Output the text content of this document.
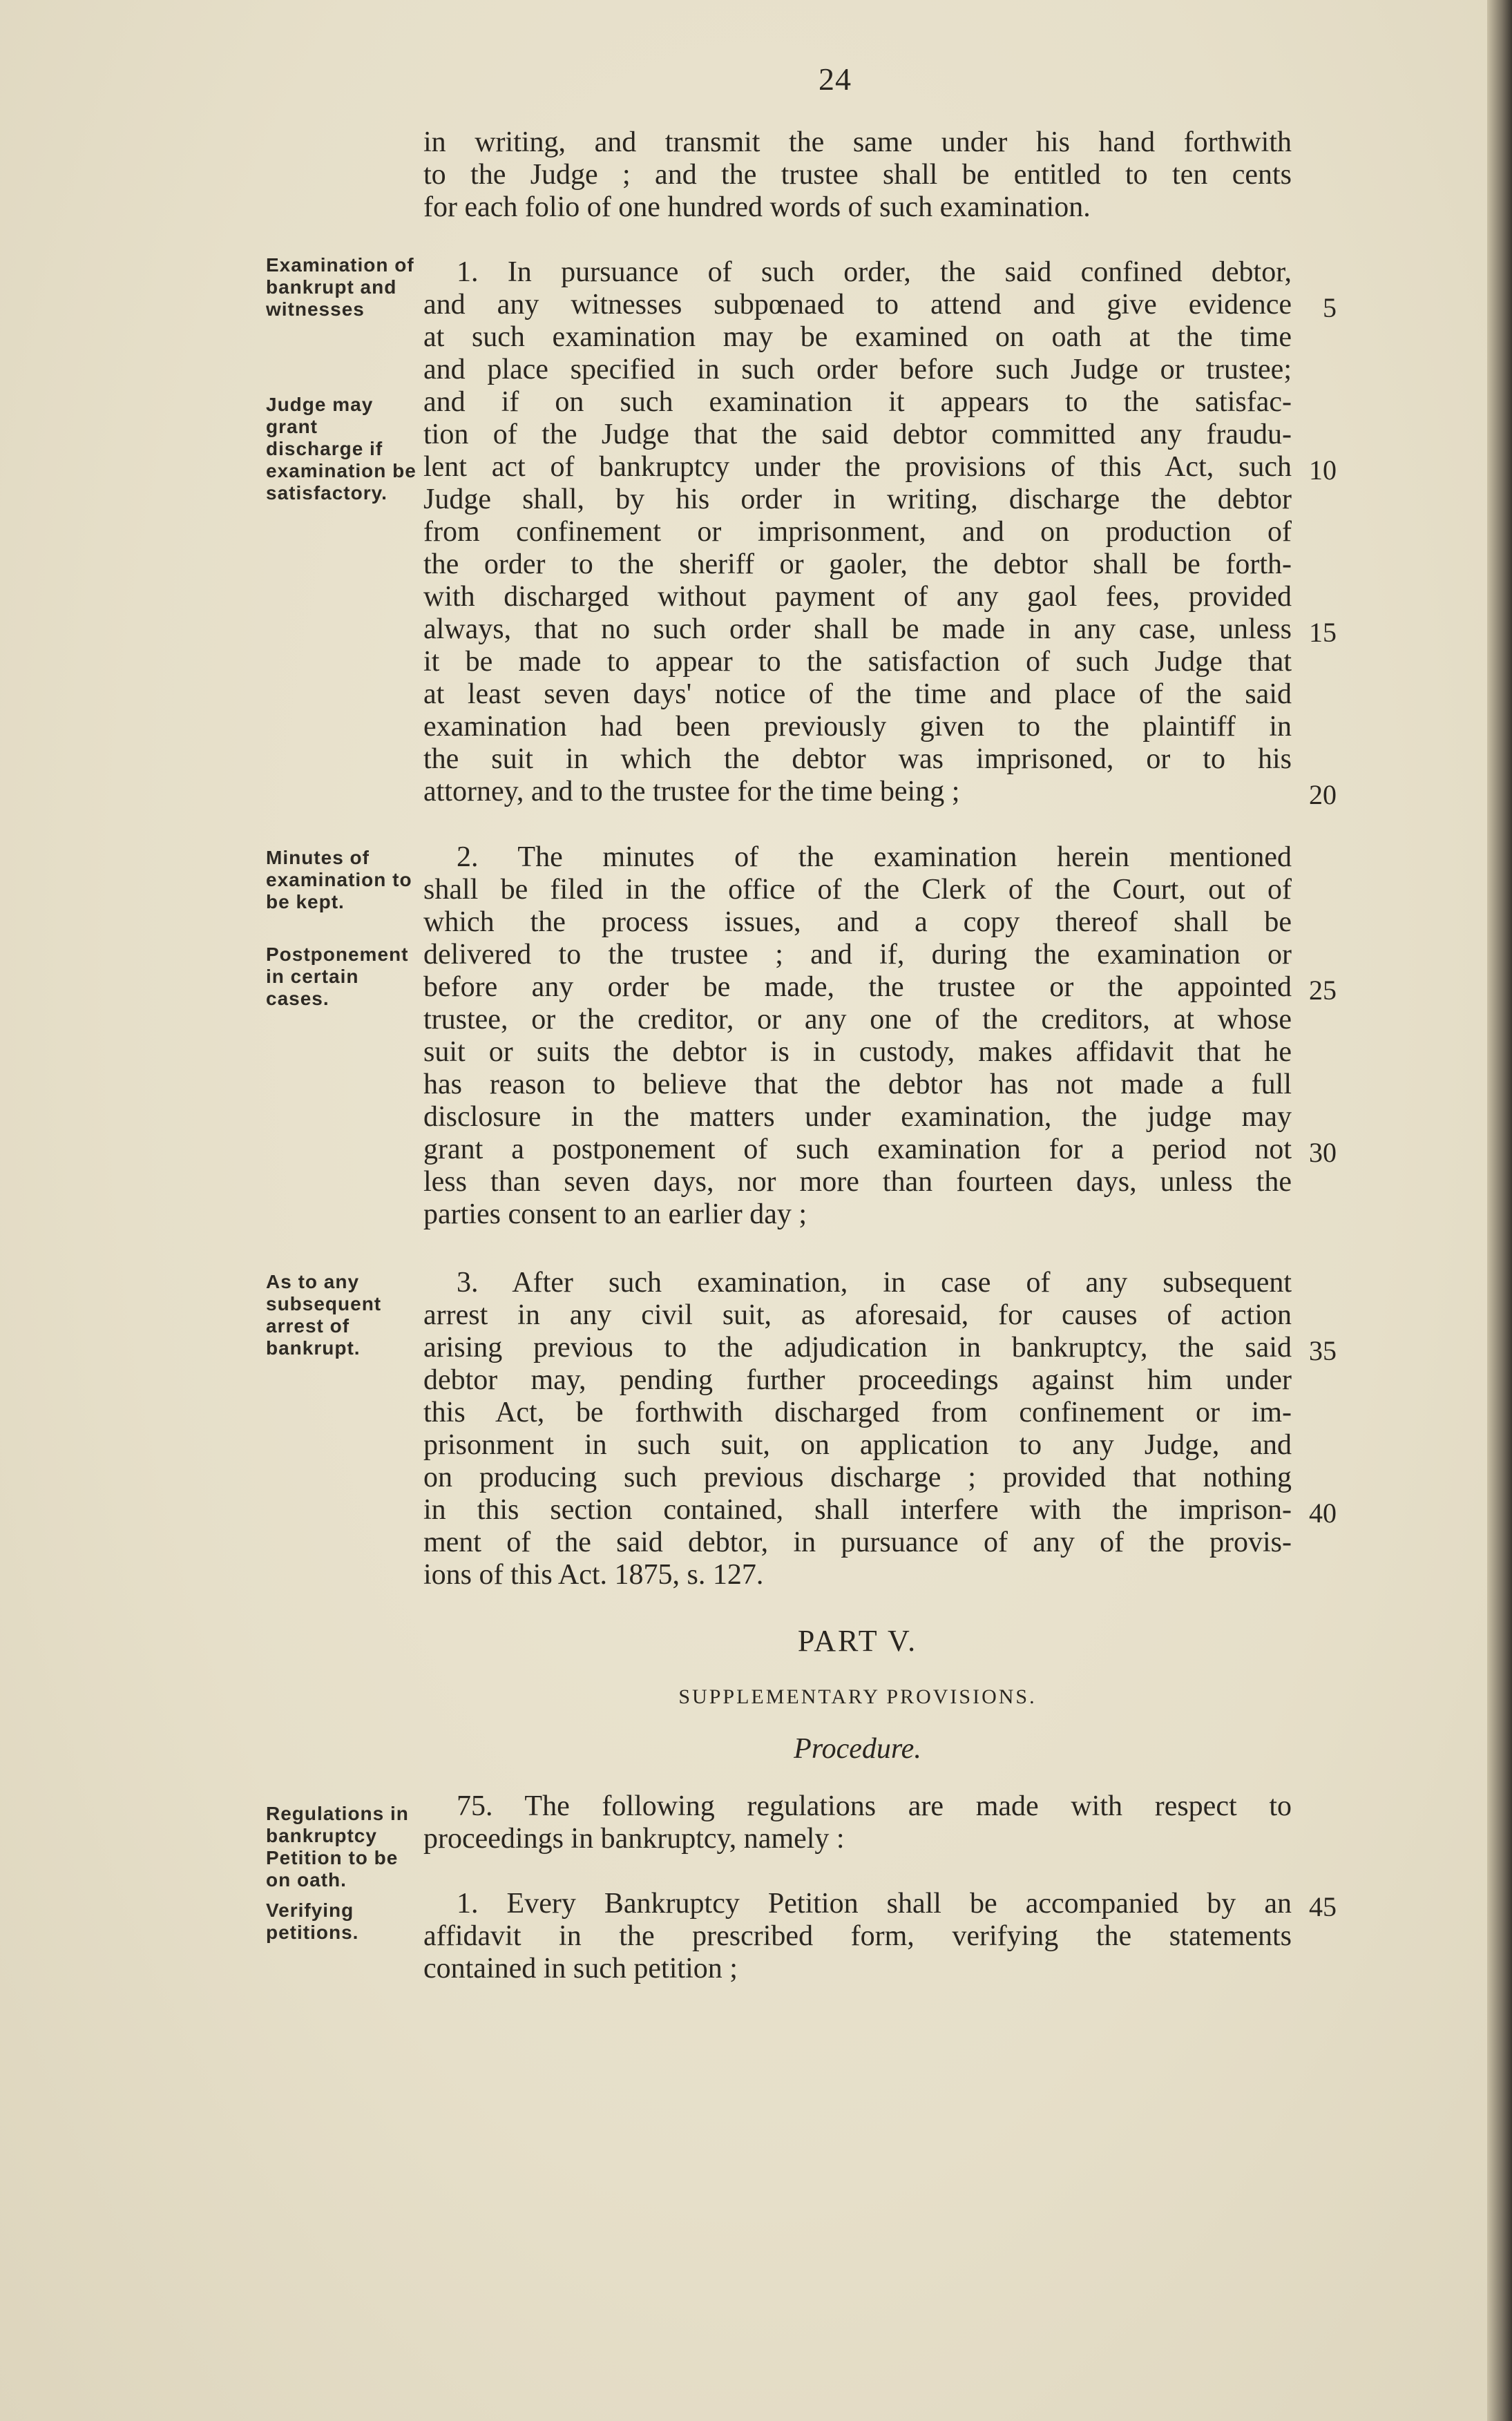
24
Examination of bankrupt and witnesses
Judge may grant discharge if examination be satisfactory.
Minutes of examination to be kept.
Postponement in certain cases.
As to any subsequent arrest of bankrupt.
Regulations in bankruptcy Petition to be on oath.
Verifying petitions.
in writing, and transmit the same under his hand forthwith
to the Judge ; and the trustee shall be entitled to ten cents
for each folio of one hundred words of such examination.
1. In pursuance of such order, the said confined debtor,
and any witnesses subpœnaed to attend and give evidence
at such examination may be examined on oath at the time
and place specified in such order before such Judge or trustee;
and if on such examination it appears to the satisfac-
tion of the Judge that the said debtor committed any fraudu-
lent act of bankruptcy under the provisions of this Act, such
Judge shall, by his order in writing, discharge the debtor
from confinement or imprisonment, and on production of
the order to the sheriff or gaoler, the debtor shall be forth-
with discharged without payment of any gaol fees, provided
always, that no such order shall be made in any case, unless
it be made to appear to the satisfaction of such Judge that
at least seven days' notice of the time and place of the said
examination had been previously given to the plaintiff in
the suit in which the debtor was imprisoned, or to his
attorney, and to the trustee for the time being ;
2. The minutes of the examination herein mentioned
shall be filed in the office of the Clerk of the Court, out of
which the process issues, and a copy thereof shall be
delivered to the trustee ; and if, during the examination or
before any order be made, the trustee or the appointed
trustee, or the creditor, or any one of the creditors, at whose
suit or suits the debtor is in custody, makes affidavit that he
has reason to believe that the debtor has not made a full
disclosure in the matters under examination, the judge may
grant a postponement of such examination for a period not
less than seven days, nor more than fourteen days, unless the
parties consent to an earlier day ;
3. After such examination, in case of any subsequent
arrest in any civil suit, as aforesaid, for causes of action
arising previous to the adjudication in bankruptcy, the said
debtor may, pending further proceedings against him under
this Act, be forthwith discharged from confinement or im-
prisonment in such suit, on application to any Judge, and
on producing such previous discharge ; provided that nothing
in this section contained, shall interfere with the imprison-
ment of the said debtor, in pursuance of any of the provis-
ions of this Act. 1875, s. 127.
PART V.
SUPPLEMENTARY PROVISIONS.
Procedure.
75. The following regulations are made with respect to
proceedings in bankruptcy, namely :
1. Every Bankruptcy Petition shall be accompanied by an
affidavit in the prescribed form, verifying the statements
contained in such petition ;
5
10
15
20
25
30
35
40
45
